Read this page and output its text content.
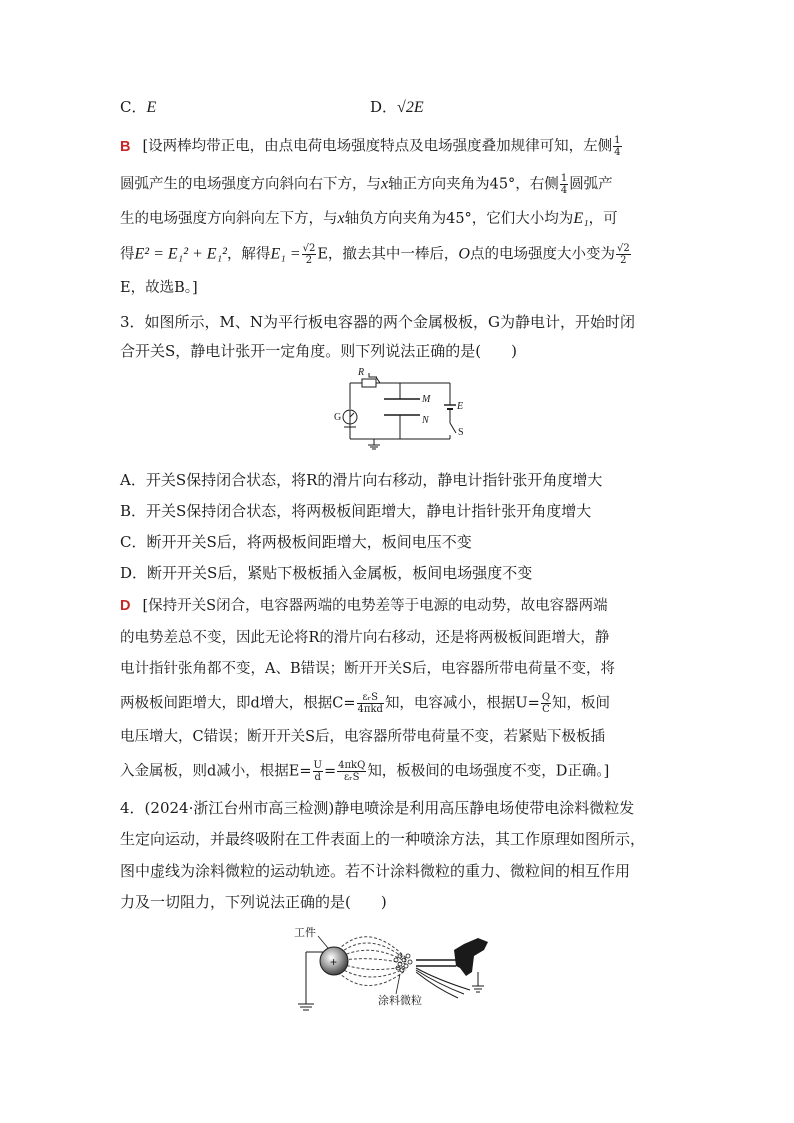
C．E	D．√2E
B [设两棒均带正电，由点电荷电场强度特点及电场强度叠加规律可知，左侧 $\frac{1}{4}$
圆弧产生的电场强度方向斜向右下方，与x轴正方向夹角为45°，右侧 $\frac{1}{4}$ 圆弧产
生的电场强度方向斜向左下方，与x轴负方向夹角为45°，它们大小均为E₁，可
得E² = E₁² + E₁²，解得$E_1 = \frac{√2}{2}$ E，撤去其中一棒后，O点的电场强度大小变为 $\frac{√2}{2}$
E，故选B。]
3．如图所示，M、N为平行板电容器的两个金属极板，G为静电计，开始时闭
合开关S，静电计张开一定角度。则下列说法正确的是(　　)
R
M
N
E
S
G
A．开关S保持闭合状态，将R的滑片向右移动，静电计指针张开角度增大
B．开关S保持闭合状态，将两极板间距增大，静电计指针张开角度增大
C．断开开关S后，将两极板间距增大，板间电压不变
D．断开开关S后，紧贴下极板插入金属板，板间电场强度不变
D [保持开关S闭合，电容器两端的电势差等于电源的电动势，故电容器两端
的电势差总不变，因此无论将R的滑片向右移动，还是将两极板间距增大，静
电计指针张角都不变，A、B错误；断开开关S后，电容器所带电荷量不变，将
两极板间距增大，即d增大，根据$C= \frac{\text{εᵣS}}{\text{4πkd}}$ 知，电容减小，根据$U= \frac{Q}{C}$ 知，板间
电压增大，C错误；断开开关S后，电容器所带电荷量不变，若紧贴下极板插
入金属板，则d减小，根据$E= \frac{U}{d} = \frac{\text{4πkQ}}{\text{εᵣS}}$ 知，板极间的电场强度不变，D正确。]
4．(2024·浙江台州市高三检测)静电喷涂是利用高压静电场使带电涂料微粒发
生定向运动，并最终吸附在工件表面上的一种喷涂方法，其工作原理如图所示，
图中虚线为涂料微粒的运动轨迹。若不计涂料微粒的重力、微粒间的相互作用
力及一切阻力，下列说法正确的是(　　)
+
工件
涂料微粒
